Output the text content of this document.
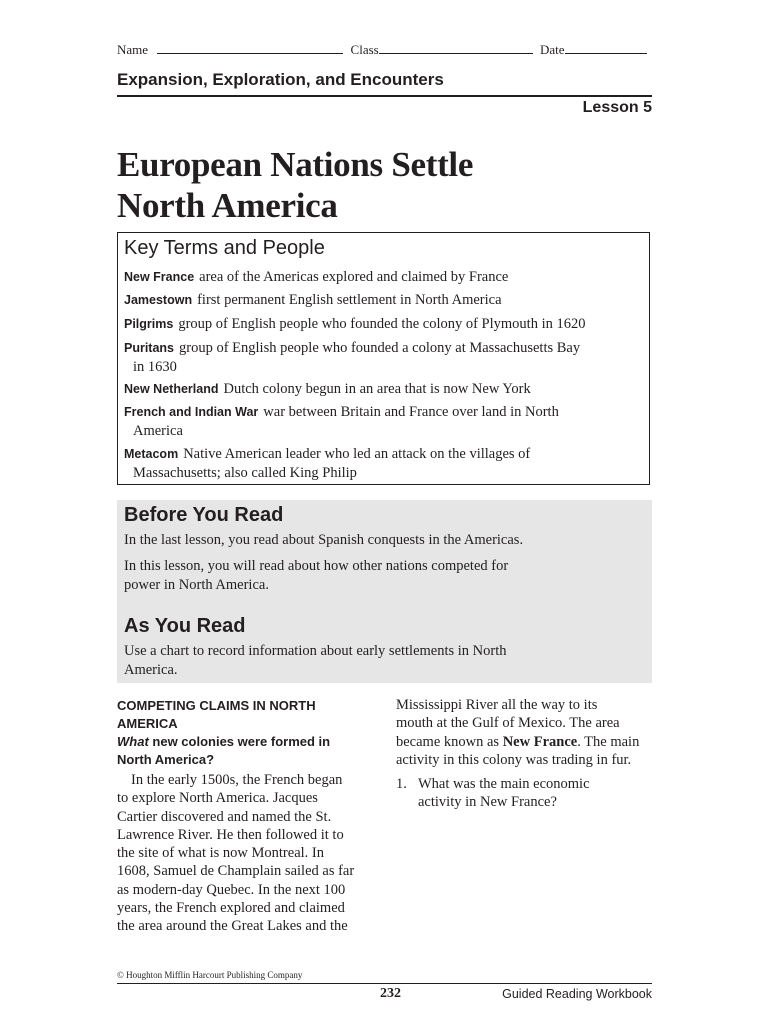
Name	Class	Date
Expansion, Exploration, and Encounters
Lesson 5
European Nations Settle
North America
Key Terms and People
New France area of the Americas explored and claimed by France
Jamestown first permanent English settlement in North America
Pilgrims group of English people who founded the colony of Plymouth in 1620
Puritans group of English people who founded a colony at Massachusetts Bay
in 1630
New Netherland Dutch colony begun in an area that is now New York
French and Indian War war between Britain and France over land in North
America
Metacom Native American leader who led an attack on the villages of
Massachusetts; also called King Philip
Before You Read
In the last lesson, you read about Spanish conquests in the Americas.
In this lesson, you will read about how other nations competed for
power in North America.
As You Read
Use a chart to record information about early settlements in North
America.
COMPETING CLAIMS IN NORTH
AMERICA
What new colonies were formed in
North America?
In the early 1500s, the French began
to explore North America. Jacques
Cartier discovered and named the St.
Lawrence River. He then followed it to
the site of what is now Montreal. In
1608, Samuel de Champlain sailed as far
as modern-day Quebec. In the next 100
years, the French explored and claimed
the area around the Great Lakes and the
Mississippi River all the way to its
mouth at the Gulf of Mexico. The area
became known as New France. The main
activity in this colony was trading in fur.
1. What was the main economic
activity in New France?
© Houghton Mifflin Harcourt Publishing Company
232	Guided Reading Workbook
